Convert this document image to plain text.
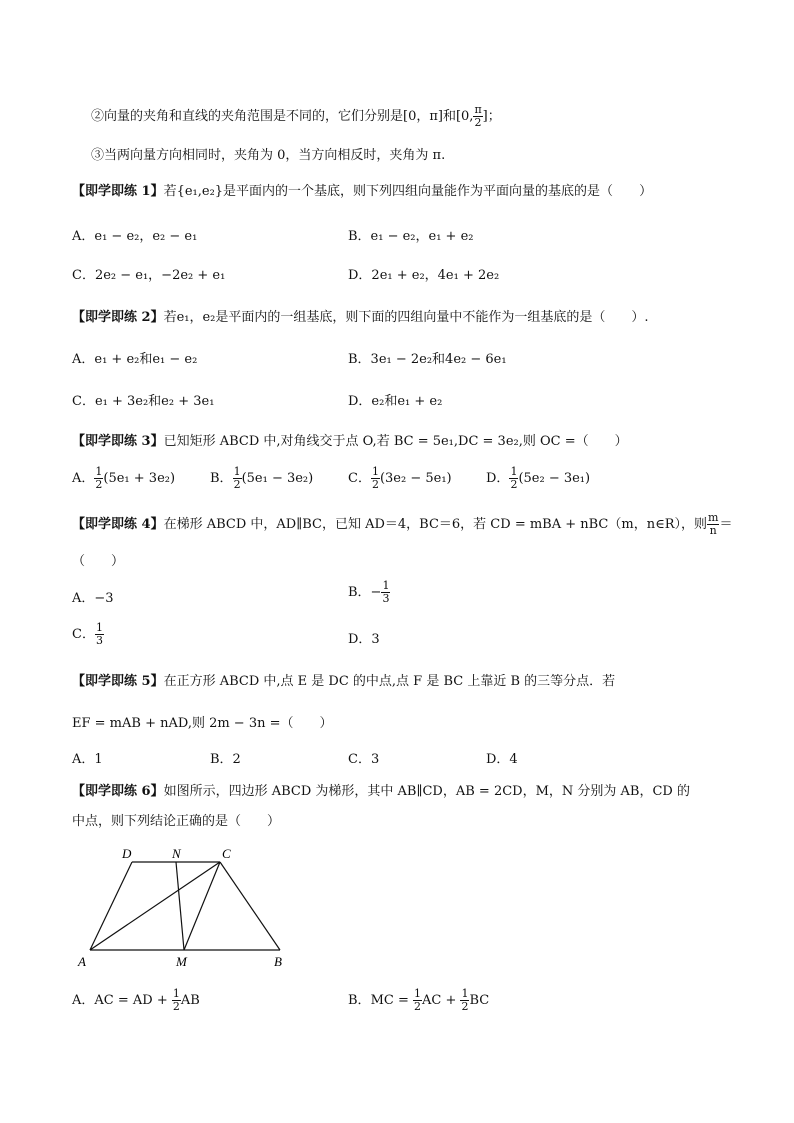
②向量的夹角和直线的夹角范围是不同的，它们分别是[0，π]和[0, $\frac{\pi}{2}$ ]；
③当两向量方向相同时，夹角为 0，当方向相反时，夹角为 π.
【即学即练 1】若{e₁,e₂}是平面内的一个基底，则下列四组向量能作为平面向量的基底的是（　　）
A．e₁ − e₂，e₂ − e₁	B．e₁ − e₂，e₁ + e₂
C．2e₂ − e₁，−2e₂ + e₁	D．2e₁ + e₂，4e₁ + 2e₂
【即学即练 2】若e₁，e₂是平面内的一组基底，则下面的四组向量中不能作为一组基底的是（　　）.
A．e₁ + e₂和e₁ − e₂	B．3e₁ − 2e₂和4e₂ − 6e₁
C．e₁ + 3e₂和e₂ + 3e₁	D．e₂和e₁ + e₂
【即学即练 3】已知矩形 ABCD 中,对角线交于点 O,若 BC = 5e₁,DC = 3e₂,则 OC =（　　）
A． $\frac{1}{2} (5e_1 + 3e_2)$	B． $\frac{1}{2} (5e_1 - 3e_2)$	C． $\frac{1}{2} (3e_2 - 5e_1)$	D． $\frac{1}{2} (5e_2 - 3e_1)$
【即学即练 4】在梯形 ABCD 中，AD∥BC，已知 AD＝4，BC＝6，若 CD = mBA + nBC（m，n∈R），则 $\frac{m}{n}$ ＝
（　　）
A．−3	B．− $\frac{1}{3}$
C． $\frac{1}{3}$	D．3
【即学即练 5】在正方形 ABCD 中,点 E 是 DC 的中点,点 F 是 BC 上靠近 B 的三等分点．若
EF = mAB + nAD,则 2m − 3n =（　　）
A．1	B．2	C．3	D．4
【即学即练 6】如图所示，四边形 ABCD 为梯形，其中 AB∥CD，AB = 2CD，M，N 分别为 AB，CD 的
中点，则下列结论正确的是（　　）
D	N	C
A	M	B
A．AC = AD + $\frac{1}{2}$ AB	B．MC = $\frac{1}{2}$ AC + $\frac{1}{2}$ BC
